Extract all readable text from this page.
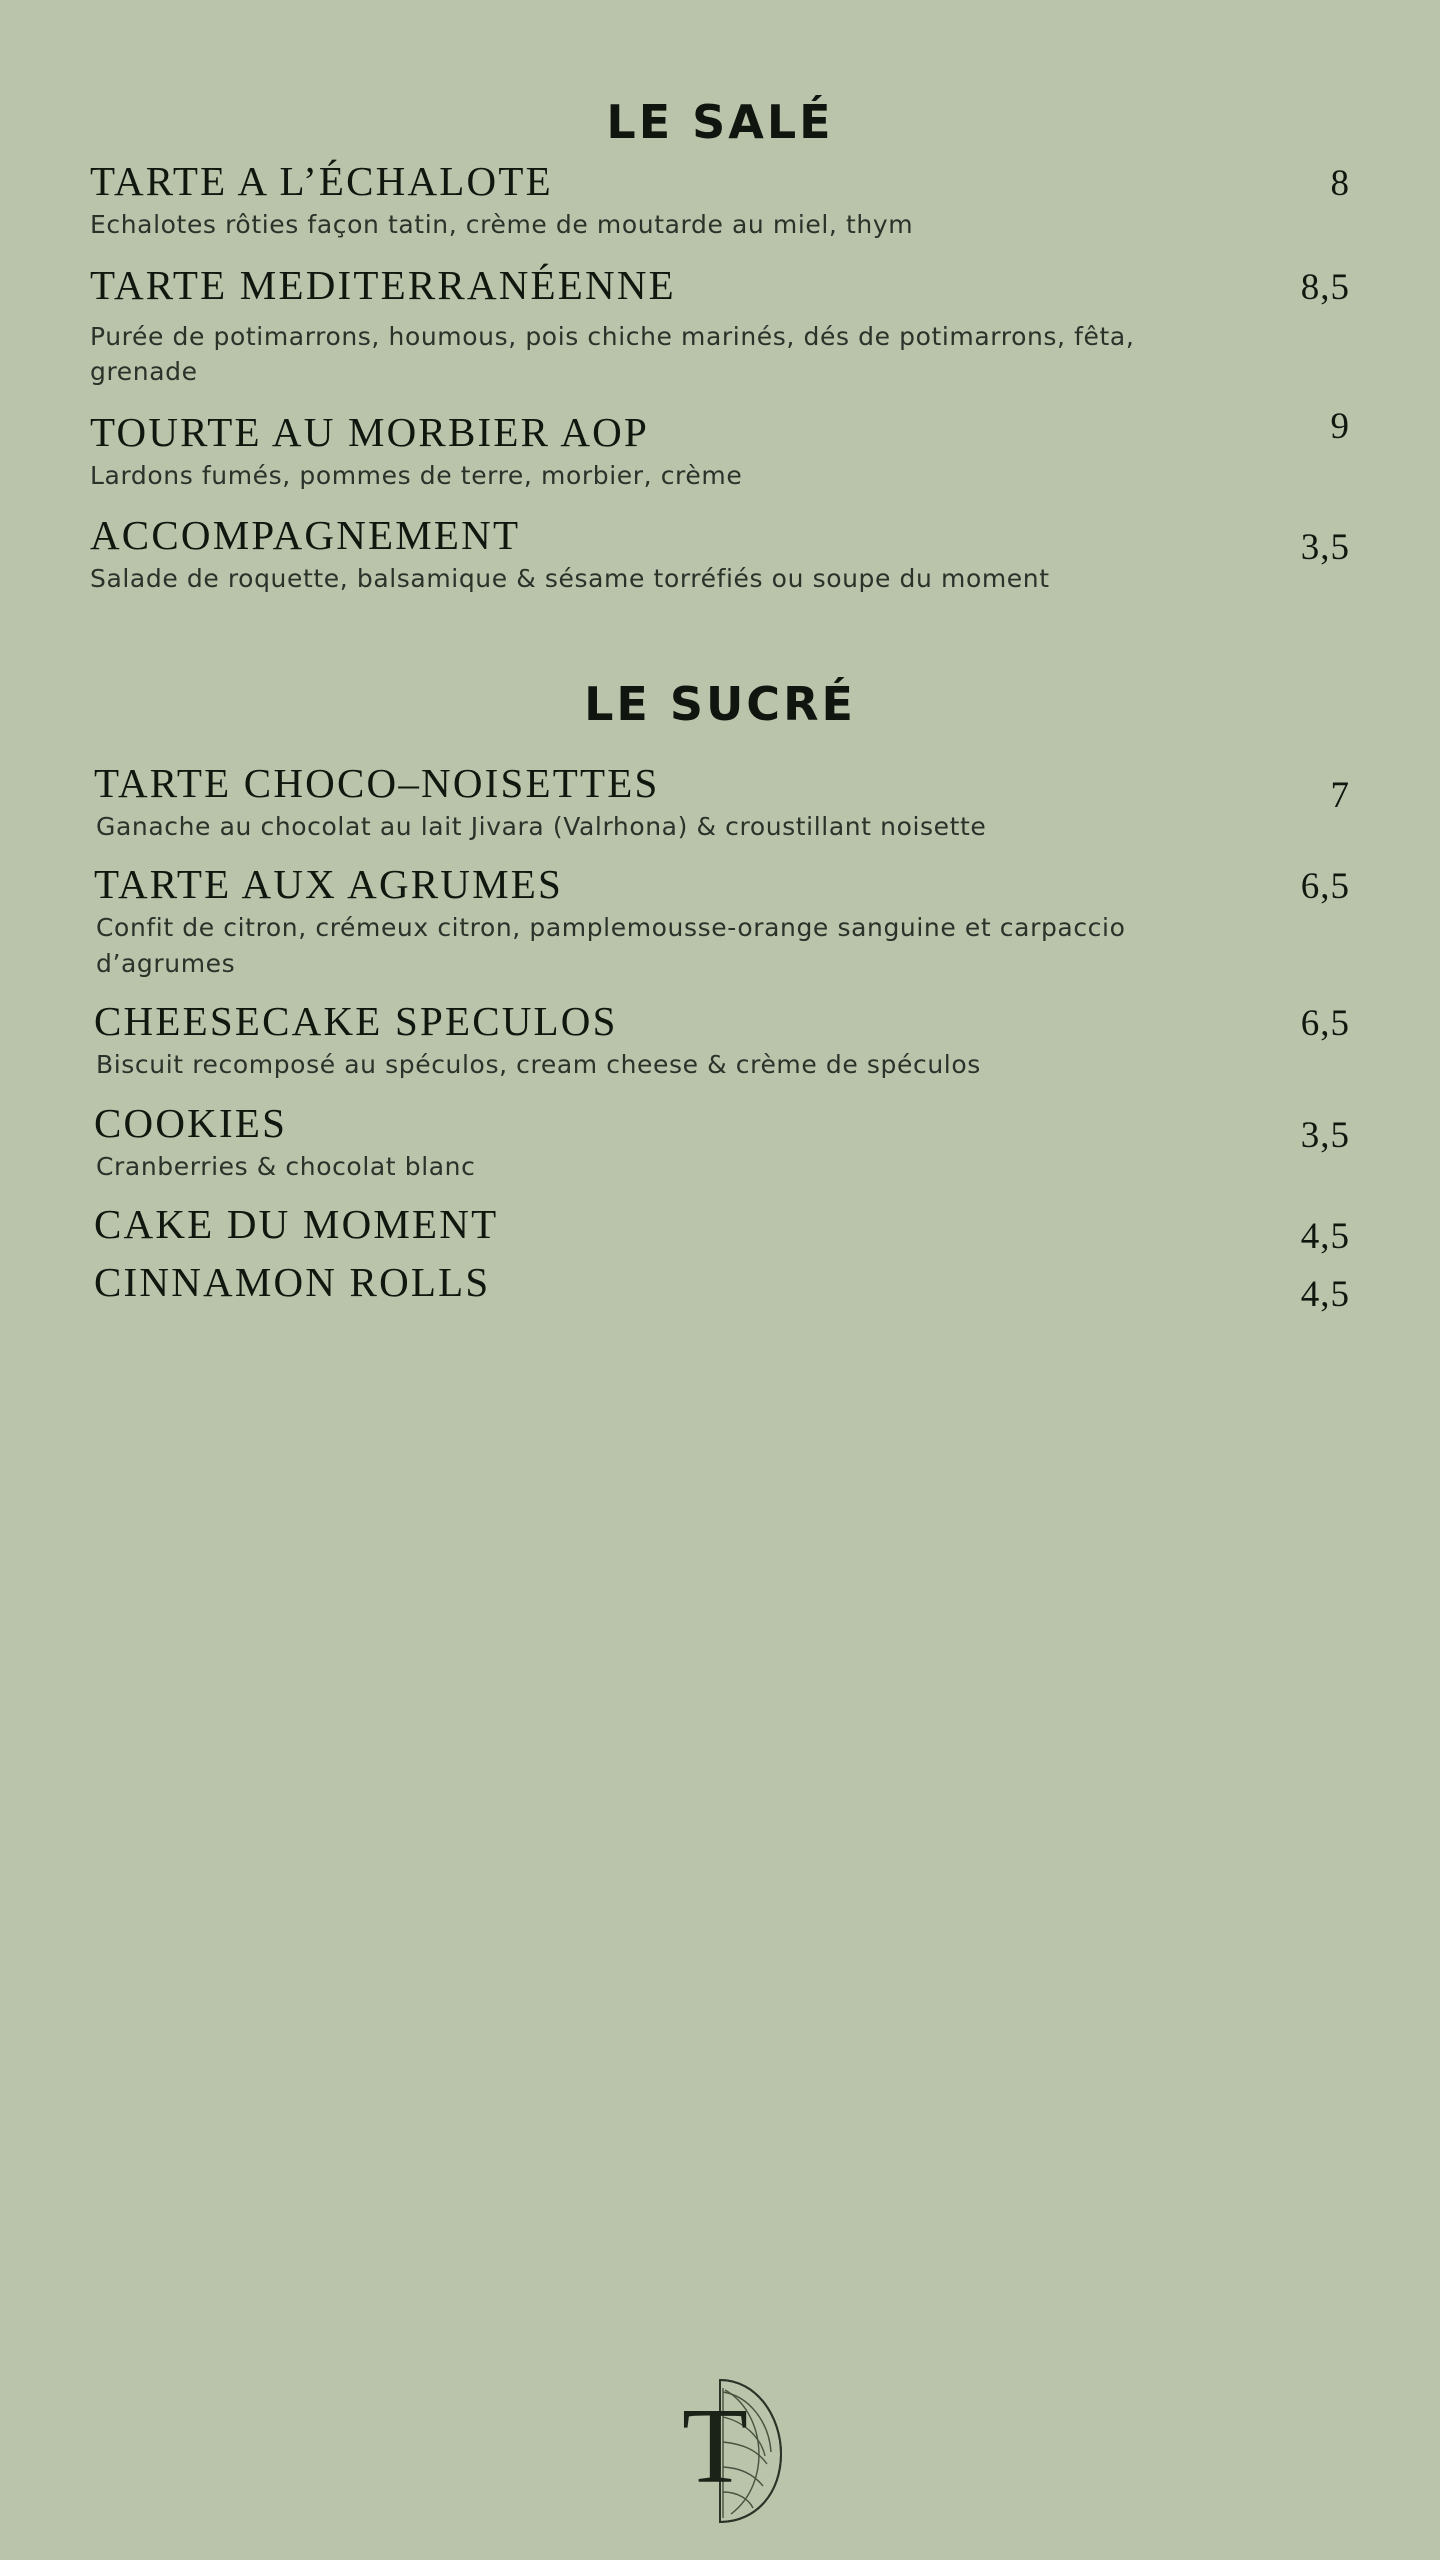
LE SALÉ
TARTE A L’ÉCHALOTE	8
Echalotes rôties façon tatin, crème de moutarde au miel, thym
TARTE MEDITERRANÉENNE	8,5
Purée de potimarrons, houmous, pois chiche marinés, dés de potimarrons, fêta, grenade
TOURTE AU MORBIER AOP	9
Lardons fumés, pommes de terre, morbier, crème
ACCOMPAGNEMENT	3,5
Salade de roquette, balsamique & sésame torréfiés ou soupe du moment
LE SUCRÉ
TARTE CHOCO–NOISETTES	7
Ganache au chocolat au lait Jivara (Valrhona) & croustillant noisette
TARTE AUX AGRUMES	6,5
Confit de citron, crémeux citron, pamplemousse-orange sanguine et carpaccio d’agrumes
CHEESECAKE SPECULOS	6,5
Biscuit recomposé au spéculos, cream cheese & crème de spéculos
COOKIES	3,5
Cranberries & chocolat blanc
CAKE DU MOMENT	4,5
CINNAMON ROLLS	4,5
T
